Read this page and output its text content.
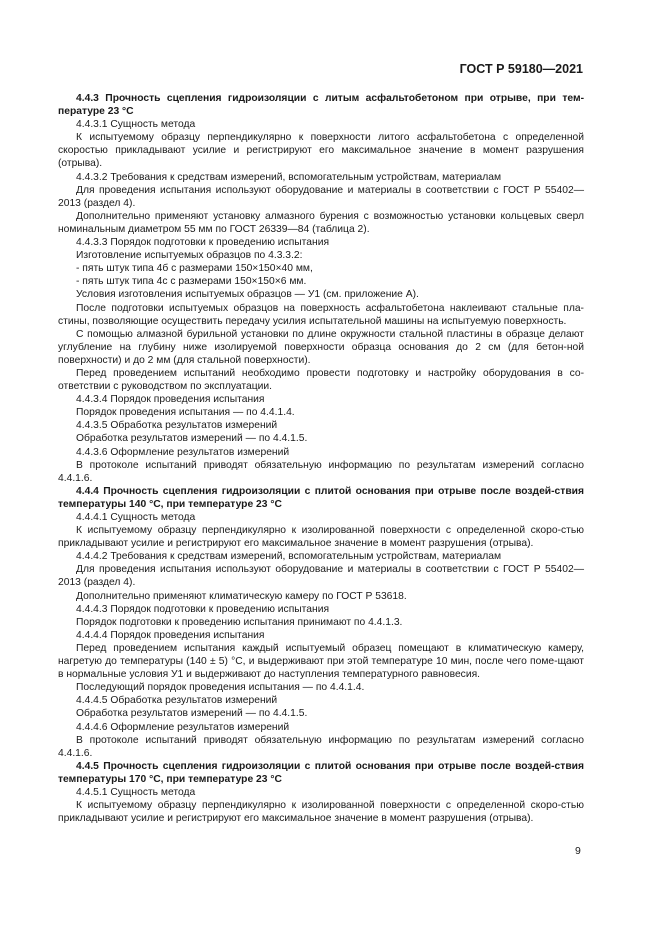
ГОСТ Р 59180—2021

4.4.3 Прочность сцепления гидроизоляции с литым асфальтобетоном при отрыве, при тем-пературе 23 °С

4.4.3.1 Сущность метода

К испытуемому образцу перпендикулярно к поверхности литого асфальтобетона с определенной скоростью прикладывают усилие и регистрируют его максимальное значение в момент разрушения (отрыва).

4.4.3.2 Требования к средствам измерений, вспомогательным устройствам, материалам

Для проведения испытания используют оборудование и материалы в соответствии с ГОСТ Р 55402—2013 (раздел 4).

Дополнительно применяют установку алмазного бурения с возможностью установки кольцевых сверл номинальным диаметром 55 мм по ГОСТ 26339—84 (таблица 2).

4.4.3.3 Порядок подготовки к проведению испытания

Изготовление испытуемых образцов по 4.3.3.2:

- пять штук типа 4б с размерами 150×150×40 мм,

- пять штук типа 4с с размерами 150×150×6 мм.

Условия изготовления испытуемых образцов — У1 (см. приложение А).

После подготовки испытуемых образцов на поверхность асфальтобетона наклеивают стальные пла-стины, позволяющие осуществить передачу усилия испытательной машины на испытуемую поверхность.

С помощью алмазной бурильной установки по длине окружности стальной пластины в образце делают углубление на глубину ниже изолируемой поверхности образца основания до 2 см (для бетон-ной поверхности) и до 2 мм (для стальной поверхности).

Перед проведением испытаний необходимо провести подготовку и настройку оборудования в со-ответствии с руководством по эксплуатации.

4.4.3.4 Порядок проведения испытания

Порядок проведения испытания — по 4.4.1.4.

4.4.3.5 Обработка результатов измерений

Обработка результатов измерений — по 4.4.1.5.

4.4.3.6 Оформление результатов измерений

В протоколе испытаний приводят обязательную информацию по результатам измерений согласно 4.4.1.6.

4.4.4 Прочность сцепления гидроизоляции с плитой основания при отрыве после воздей-ствия температуры 140 °С, при температуре 23 °С

4.4.4.1 Сущность метода

К испытуемому образцу перпендикулярно к изолированной поверхности с определенной скоро-стью прикладывают усилие и регистрируют его максимальное значение в момент разрушения (отрыва).

4.4.4.2 Требования к средствам измерений, вспомогательным устройствам, материалам

Для проведения испытания используют оборудование и материалы в соответствии с ГОСТ Р 55402—2013 (раздел 4).

Дополнительно применяют климатическую камеру по ГОСТ Р 53618.

4.4.4.3 Порядок подготовки к проведению испытания

Порядок подготовки к проведению испытания принимают по 4.4.1.3.

4.4.4.4 Порядок проведения испытания

Перед проведением испытания каждый испытуемый образец помещают в климатическую камеру, нагретую до температуры (140 ± 5) °С, и выдерживают при этой температуре 10 мин, после чего поме-щают в нормальные условия У1 и выдерживают до наступления температурного равновесия.

Последующий порядок проведения испытания — по 4.4.1.4.

4.4.4.5 Обработка результатов измерений

Обработка результатов измерений — по 4.4.1.5.

4.4.4.6 Оформление результатов измерений

В протоколе испытаний приводят обязательную информацию по результатам измерений согласно 4.4.1.6.

4.4.5 Прочность сцепления гидроизоляции с плитой основания при отрыве после воздей-ствия температуры 170 °С, при температуре 23 °С

4.4.5.1 Сущность метода

К испытуемому образцу перпендикулярно к изолированной поверхности с определенной скоро-стью прикладывают усилие и регистрируют его максимальное значение в момент разрушения (отрыва).

9
